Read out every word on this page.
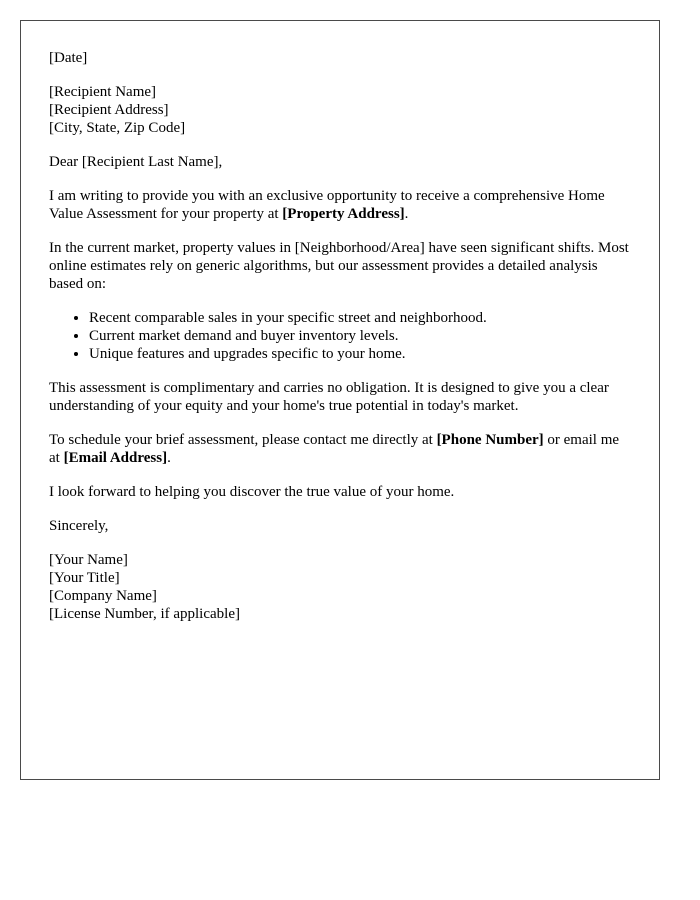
[Date]

[Recipient Name]
[Recipient Address]
[City, State, Zip Code]

Dear [Recipient Last Name],

I am writing to provide you with an exclusive opportunity to receive a comprehensive Home Value Assessment for your property at [Property Address].

In the current market, property values in [Neighborhood/Area] have seen significant shifts. Most online estimates rely on generic algorithms, but our assessment provides a detailed analysis based on:

• Recent comparable sales in your specific street and neighborhood.
• Current market demand and buyer inventory levels.
• Unique features and upgrades specific to your home.

This assessment is complimentary and carries no obligation. It is designed to give you a clear understanding of your equity and your home's true potential in today's market.

To schedule your brief assessment, please contact me directly at [Phone Number] or email me at [Email Address].

I look forward to helping you discover the true value of your home.

Sincerely,

[Your Name]
[Your Title]
[Company Name]
[License Number, if applicable]
